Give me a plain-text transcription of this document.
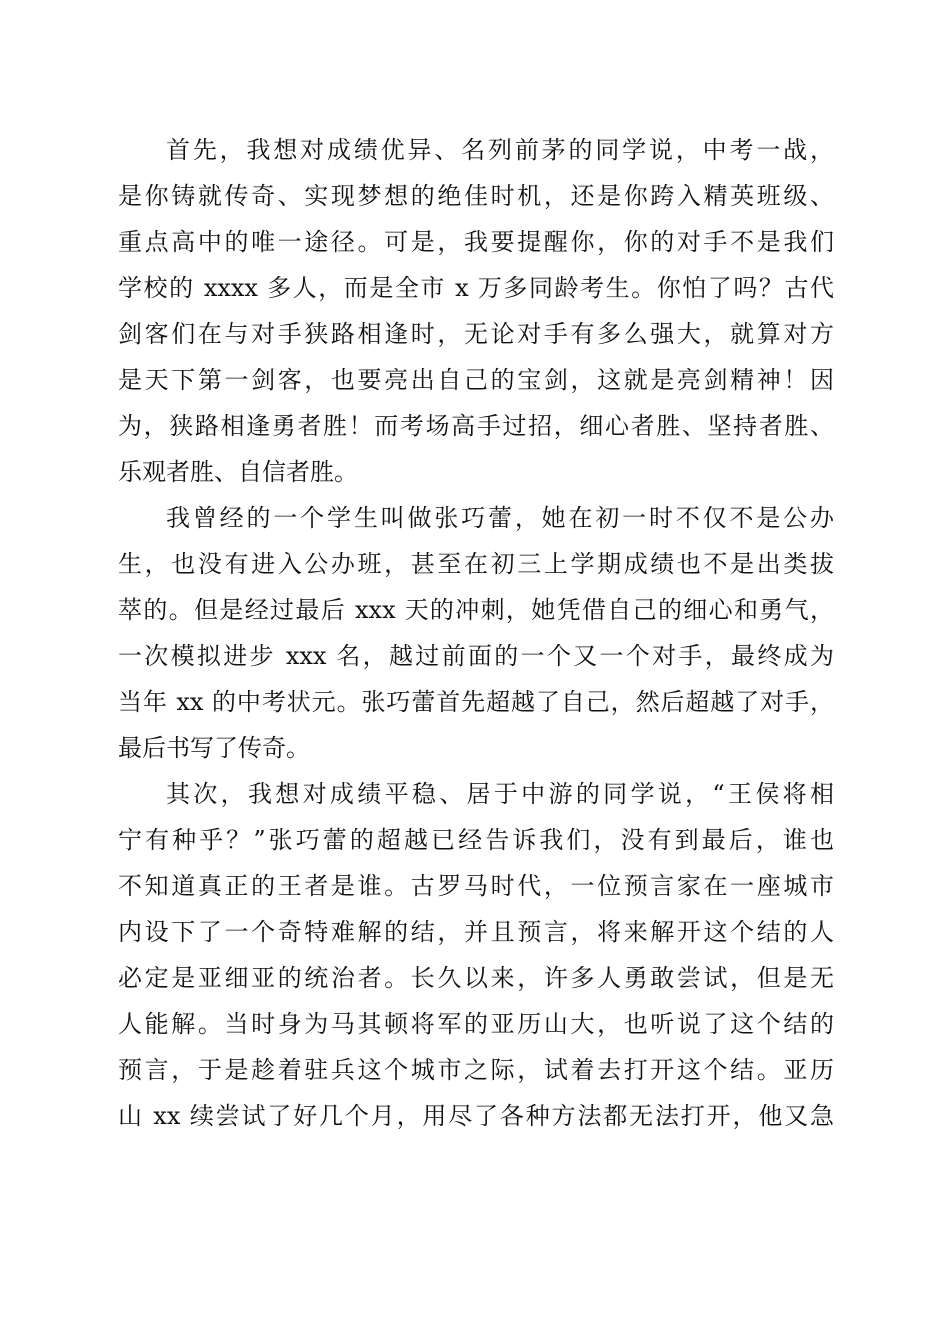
首先，我想对成绩优异、名列前茅的同学说，中考一战，
是你铸就传奇、实现梦想的绝佳时机，还是你跨入精英班级、
重点高中的唯一途径。可是，我要提醒你，你的对手不是我们
学校的 xxxx 多人，而是全市 x 万多同龄考生。你怕了吗？古代
剑客们在与对手狭路相逢时，无论对手有多么强大，就算对方
是天下第一剑客，也要亮出自己的宝剑，这就是亮剑精神！因
为，狭路相逢勇者胜！而考场高手过招，细心者胜、坚持者胜、
乐观者胜、自信者胜。
我曾经的一个学生叫做张巧蕾，她在初一时不仅不是公办
生，也没有进入公办班，甚至在初三上学期成绩也不是出类拔
萃的。但是经过最后 xxx 天的冲刺，她凭借自己的细心和勇气，
一次模拟进步 xxx 名，越过前面的一个又一个对手，最终成为
当年 xx 的中考状元。张巧蕾首先超越了自己，然后超越了对手，
最后书写了传奇。
其次，我想对成绩平稳、居于中游的同学说，“王侯将相
宁有种乎？”张巧蕾的超越已经告诉我们，没有到最后，谁也
不知道真正的王者是谁。古罗马时代，一位预言家在一座城市
内设下了一个奇特难解的结，并且预言，将来解开这个结的人
必定是亚细亚的统治者。长久以来，许多人勇敢尝试，但是无
人能解。当时身为马其顿将军的亚历山大，也听说了这个结的
预言，于是趁着驻兵这个城市之际，试着去打开这个结。亚历
山 xx 续尝试了好几个月，用尽了各种方法都无法打开，他又急
